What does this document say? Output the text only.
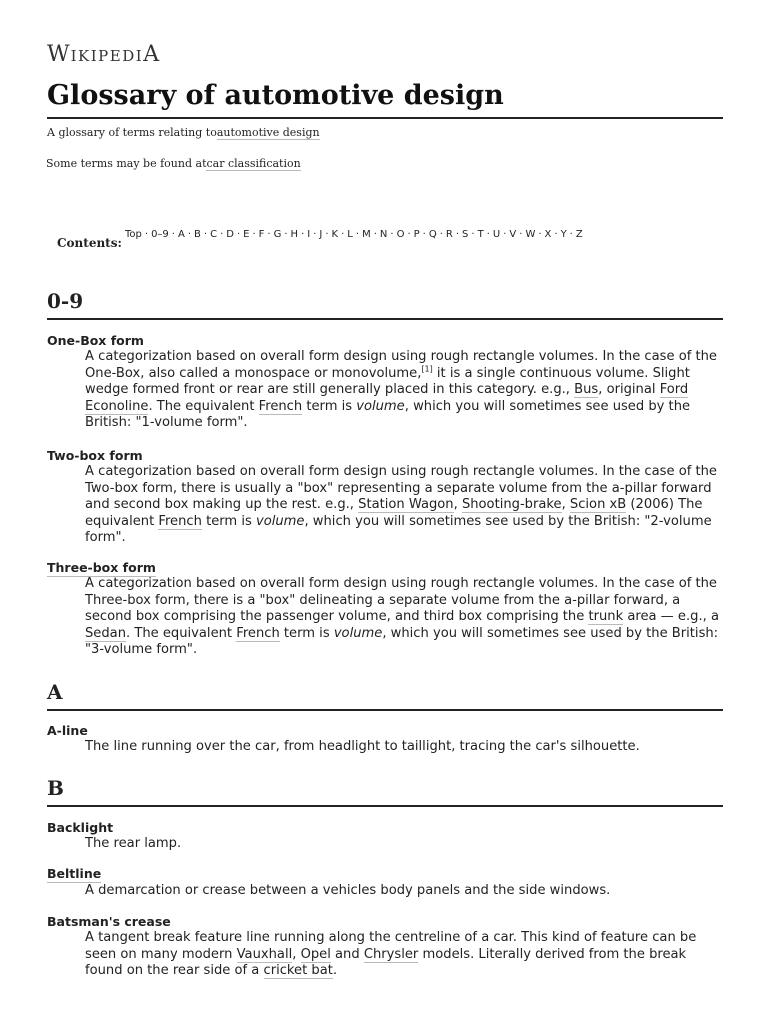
WIKIPEDIA
Glossary of automotive design
A glossary of terms relating toautomotive design
Some terms may be found atcar classification
Contents:
Top · 0–9 · A · B · C · D · E · F · G · H · I · J · K · L · M · N · O · P · Q · R · S · T · U · V · W · X · Y · Z
0-9
One-Box form
A categorization based on overall form design using rough rectangle volumes. In the case of the One-Box, also called a monospace or monovolume,[1] it is a single continuous volume. Slight wedge formed front or rear are still generally placed in this category. e.g., Bus, original Ford Econoline. The equivalent French term is volume, which you will sometimes see used by the British: "1-volume form".
Two-box form
A categorization based on overall form design using rough rectangle volumes. In the case of the Two-box form, there is usually a "box" representing a separate volume from the a-pillar forward and second box making up the rest. e.g., Station Wagon, Shooting-brake, Scion xB (2006) The equivalent French term is volume, which you will sometimes see used by the British: "2-volume form".
Three-box form
A categorization based on overall form design using rough rectangle volumes. In the case of the Three-box form, there is a "box" delineating a separate volume from the a-pillar forward, a second box comprising the passenger volume, and third box comprising the trunk area — e.g., a Sedan. The equivalent French term is volume, which you will sometimes see used by the British: "3-volume form".
A
A-line
The line running over the car, from headlight to taillight, tracing the car's silhouette.
B
Backlight
The rear lamp.
Beltline
A demarcation or crease between a vehicles body panels and the side windows.
Batsman's crease
A tangent break feature line running along the centreline of a car. This kind of feature can be seen on many modern Vauxhall, Opel and Chrysler models. Literally derived from the break found on the rear side of a cricket bat.
